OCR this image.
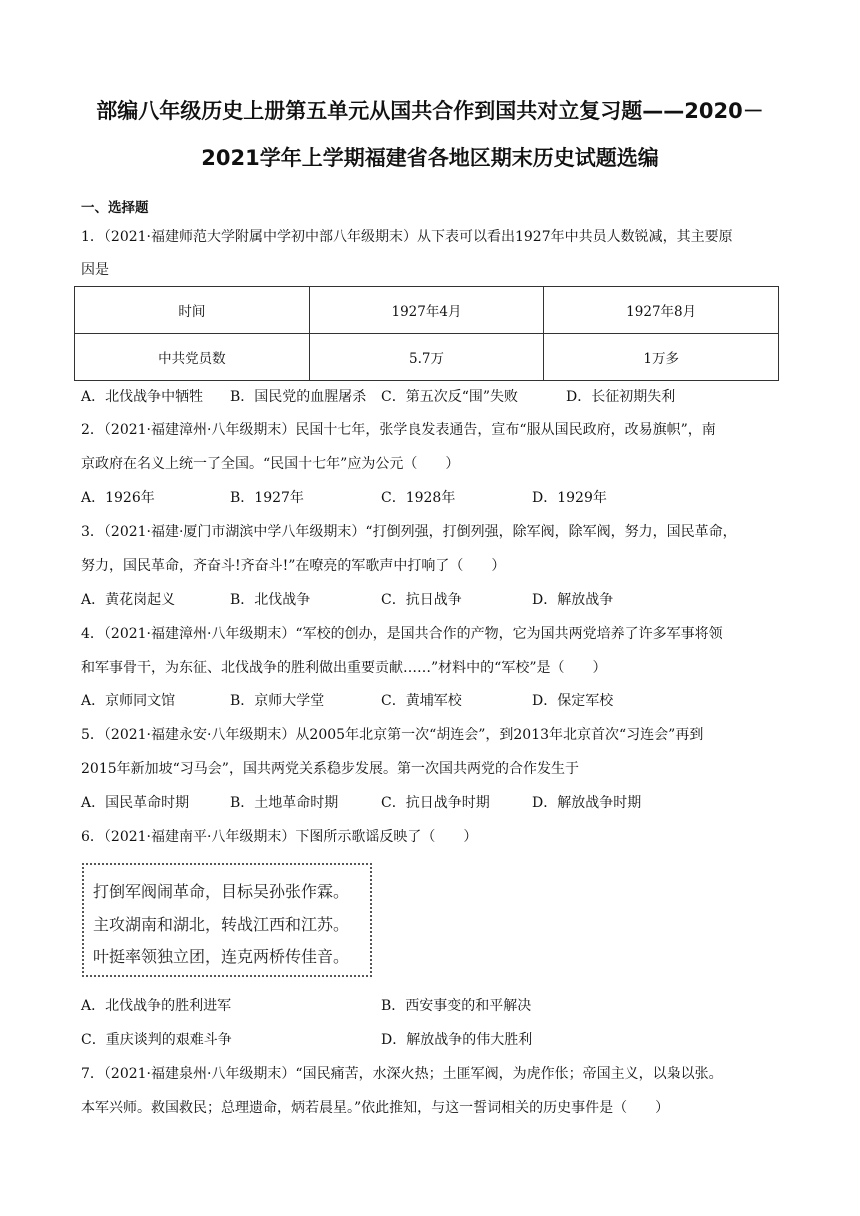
部编八年级历史上册第五单元从国共合作到国共对立复习题——2020－
2021学年上学期福建省各地区期末历史试题选编
一、选择题
1．（2021·福建师范大学附属中学初中部八年级期末）从下表可以看出1927年中共员人数锐减，其主要原
因是
时间	1927年4月	1927年8月
中共党员数	5.7万	1万多
A．北伐战争中牺牲 B．国民党的血腥屠杀 C．第五次反“围”失败	D．长征初期失利
2．（2021·福建漳州·八年级期末）民国十七年，张学良发表通告，宣布“服从国民政府，改易旗帜”，南
京政府在名义上统一了全国。“民国十七年”应为公元（　　）
A．1926年	B．1927年	C．1928年	D．1929年
3．（2021·福建·厦门市湖滨中学八年级期末）“打倒列强，打倒列强，除军阀，除军阀，努力，国民革命，
努力，国民革命，齐奋斗!齐奋斗!”在嘹亮的军歌声中打响了（　　）
A．黄花岗起义	B．北伐战争	C．抗日战争	D．解放战争
4．（2021·福建漳州·八年级期末）“军校的创办，是国共合作的产物，它为国共两党培养了许多军事将领
和军事骨干，为东征、北伐战争的胜利做出重要贡献……”材料中的“军校”是（　　）
A．京师同文馆	B．京师大学堂	C．黄埔军校	D．保定军校
5．（2021·福建永安·八年级期末）从2005年北京第一次“胡连会”，到2013年北京首次“习连会”再到
2015年新加坡“习马会”，国共两党关系稳步发展。第一次国共两党的合作发生于
A．国民革命时期	B．土地革命时期	C．抗日战争时期	D．解放战争时期
6．（2021·福建南平·八年级期末）下图所示歌谣反映了（　　）
打倒军阀闹革命，目标吴孙张作霖。
主攻湖南和湖北，转战江西和江苏。
叶挺率领独立团，连克两桥传佳音。
A．北伐战争的胜利进军	B．西安事变的和平解决
C．重庆谈判的艰难斗争	D．解放战争的伟大胜利
7．（2021·福建泉州·八年级期末）“国民痛苦，水深火热；土匪军阀，为虎作伥；帝国主义，以枭以张。
本军兴师。救国救民；总理遗命，炳若晨星。”依此推知，与这一誓词相关的历史事件是（　　）
